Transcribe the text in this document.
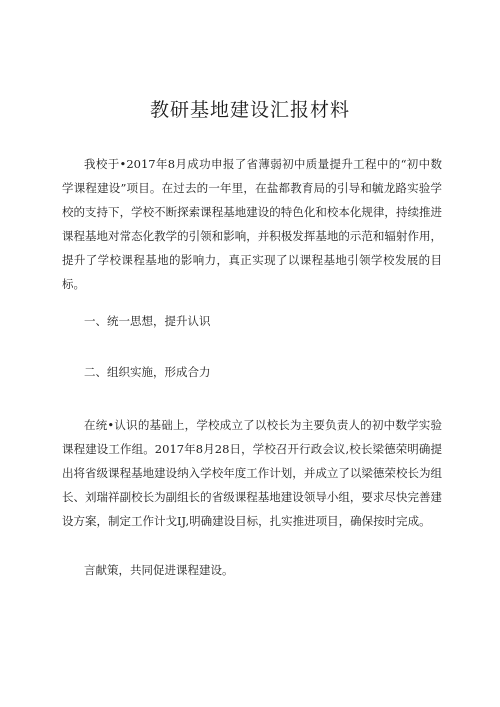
教研基地建设汇报材料

我校于•2017年8月成功申报了省薄弱初中质量提升工程中的“初中数学课程建设”项目。在过去的一年里，在盐都教育局的引导和毓龙路实验学校的支持下，学校不断探索课程基地建设的特色化和校本化规律，持续推进课程基地对常态化教学的引领和影响，并积极发挥基地的示范和辐射作用，提升了学校课程基地的影响力，真正实现了以课程基地引领学校发展的目标。

一、统一思想，提升认识

二、组织实施，形成合力

在统•认识的基础上，学校成立了以校长为主要负责人的初中数学实验课程建设工作组。2017年8月28日，学校召开行政会议,校长梁德荣明确提出将省级课程基地建设纳入学校年度工作计划，并成立了以梁德荣校长为组长、刘瑞祥副校长为副组长的省级课程基地建设领导小组，要求尽快完善建设方案，制定工作计戈IJ,明确建设目标，扎实推进项目，确保按时完成。

言献策，共同促进课程建设。
